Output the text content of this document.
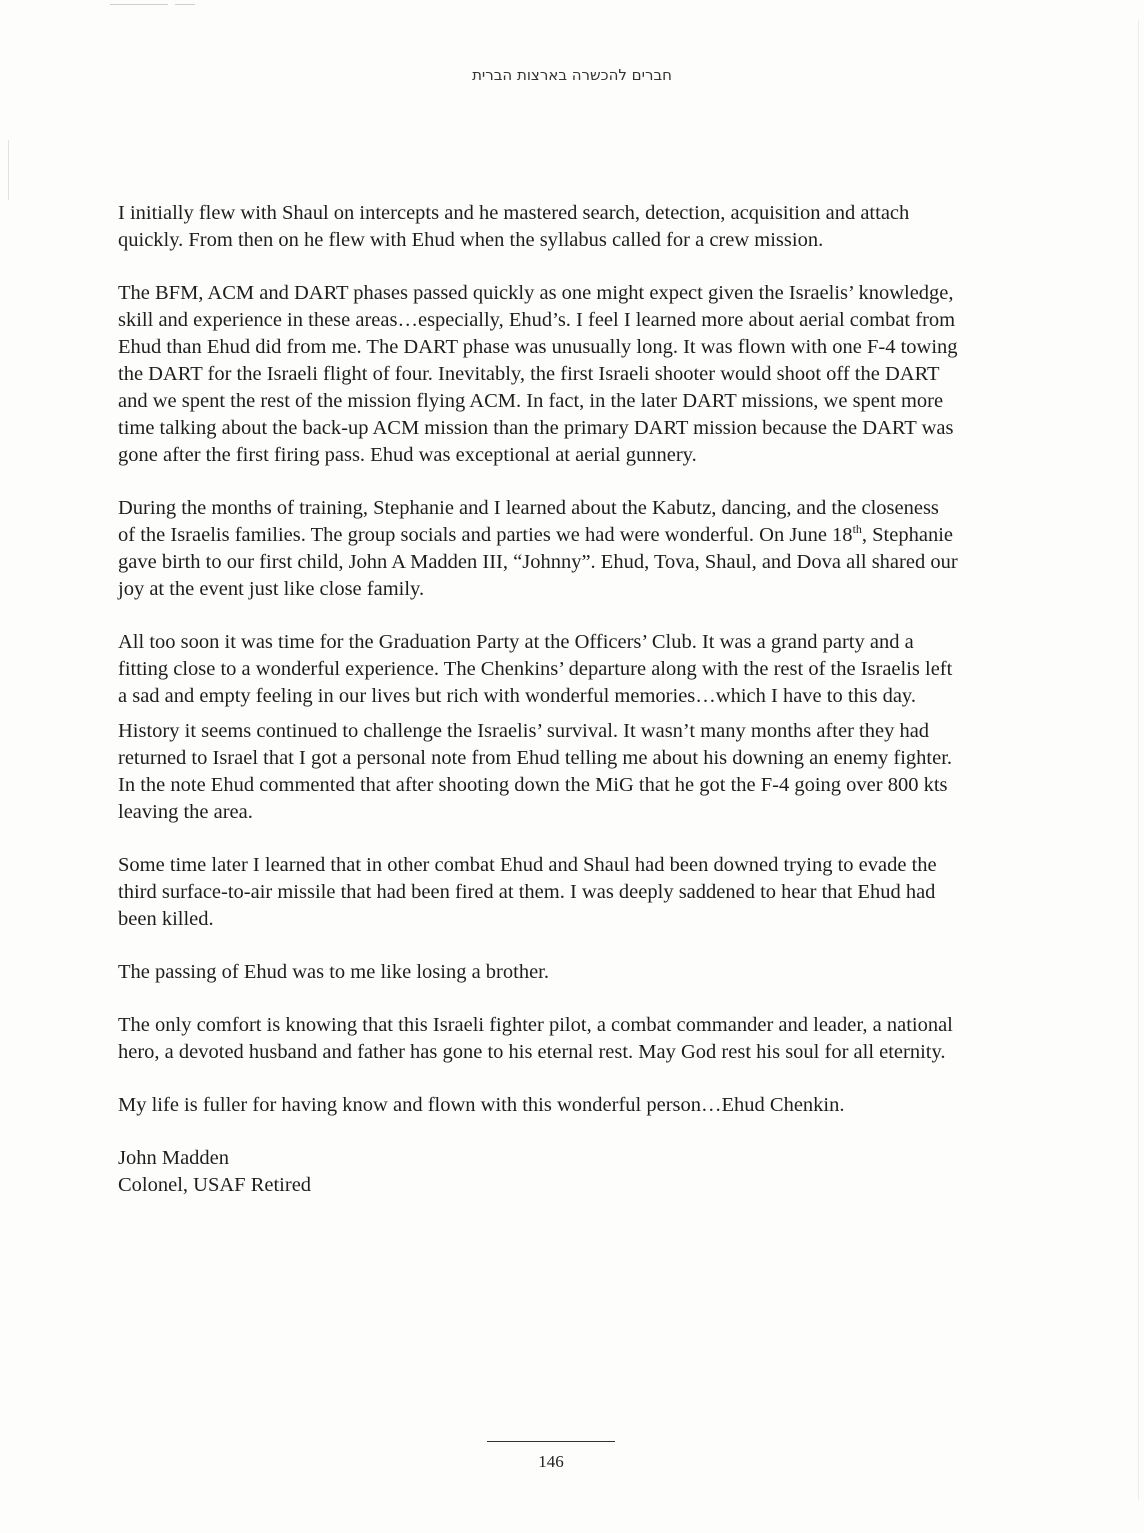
חברים להכשרה בארצות הברית

I initially flew with Shaul on intercepts and he mastered search, detection, acquisition and attach quickly. From then on he flew with Ehud when the syllabus called for a crew mission.

The BFM, ACM and DART phases passed quickly as one might expect given the Israelis’ knowledge, skill and experience in these areas…especially, Ehud’s. I feel I learned more about aerial combat from Ehud than Ehud did from me. The DART phase was unusually long. It was flown with one F-4 towing the DART for the Israeli flight of four. Inevitably, the first Israeli shooter would shoot off the DART and we spent the rest of the mission flying ACM. In fact, in the later DART missions, we spent more time talking about the back-up ACM mission than the primary DART mission because the DART was gone after the first firing pass. Ehud was exceptional at aerial gunnery.

During the months of training, Stephanie and I learned about the Kabutz, dancing, and the closeness of the Israelis families. The group socials and parties we had were wonderful. On June 18th, Stephanie gave birth to our first child, John A Madden III, “Johnny”. Ehud, Tova, Shaul, and Dova all shared our joy at the event just like close family.

All too soon it was time for the Graduation Party at the Officers’ Club. It was a grand party and a fitting close to a wonderful experience. The Chenkins’ departure along with the rest of the Israelis left a sad and empty feeling in our lives but rich with wonderful memories…which I have to this day.

History it seems continued to challenge the Israelis’ survival. It wasn’t many months after they had returned to Israel that I got a personal note from Ehud telling me about his downing an enemy fighter. In the note Ehud commented that after shooting down the MiG that he got the F-4 going over 800 kts leaving the area.

Some time later I learned that in other combat Ehud and Shaul had been downed trying to evade the third surface-to-air missile that had been fired at them. I was deeply saddened to hear that Ehud had been killed.

The passing of Ehud was to me like losing a brother.

The only comfort is knowing that this Israeli fighter pilot, a combat commander and leader, a national hero, a devoted husband and father has gone to his eternal rest. May God rest his soul for all eternity.

My life is fuller for having know and flown with this wonderful person…Ehud Chenkin.

John Madden
Colonel, USAF Retired
146
